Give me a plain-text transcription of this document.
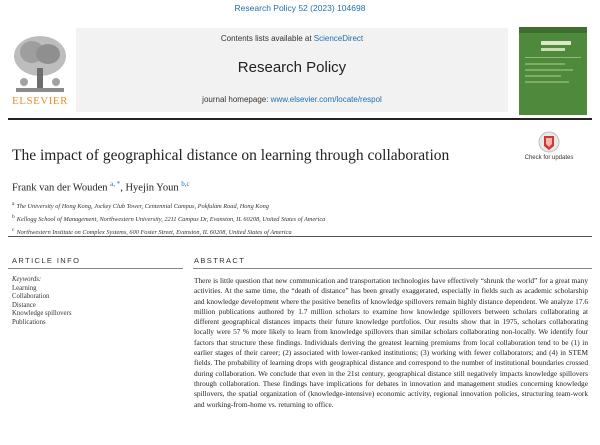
Research Policy 52 (2023) 104698
ELSEVIER
Contents lists available at ScienceDirect
Research Policy
journal homepage: www.elsevier.com/locate/respol
The impact of geographical distance on learning through collaboration	Check for updates
Frank van der Wouden $^{a, *}$, Hyejin Youn $^{b,c}$
a The University of Hong Kong, Jockey Club Tower, Centennial Campus, Pokfulam Road, Hong Kong
b Kellogg School of Management, Northwestern University, 2211 Campus Dr, Evanston, IL 60208, United States of America
c Northwestern Institute on Complex Systems, 600 Foster Street, Evanston, IL 60208, United States of America
ARTICLE INFO	ABSTRACT
Keywords:
Learning
Collaboration
Distance
Knowledge spillovers
Publications

There is little question that new communication and transportation technologies have effectively “shrunk the world” for a great many activities. At the same time, the “death of distance” has been greatly exaggerated, especially in fields such as academic scholarship and knowledge development where the positive benefits of knowledge spillovers remain highly distance dependent. We analyze 17.6 million publications authored by 1.7 million scholars to examine how knowledge spillovers between scholars collaborating at different geographical distances impacts their future knowledge portfolios. Our results show that in 1975, scholars collaborating locally were 57 % more likely to learn from knowledge spillovers than similar scholars collaborating non-locally. We identify four factors that structure these findings. Individuals deriving the greatest learning premiums from local collaboration tend to be (1) in earlier stages of their career; (2) associated with lower-ranked institutions; (3) working with fewer collaborators; and (4) in STEM fields. The probability of learning drops with geographical distance and correspond to the number of institutional boundaries crossed during collaboration. We conclude that even in the 21st century, geographical distance still negatively impacts knowledge spillovers through collaboration. These findings have implications for debates in innovation and management studies concerning knowledge spillovers, the spatial organization of (knowledge-intensive) economic activity, regional innovation policies, structuring team-work and working-from-home vs. returning to office.
